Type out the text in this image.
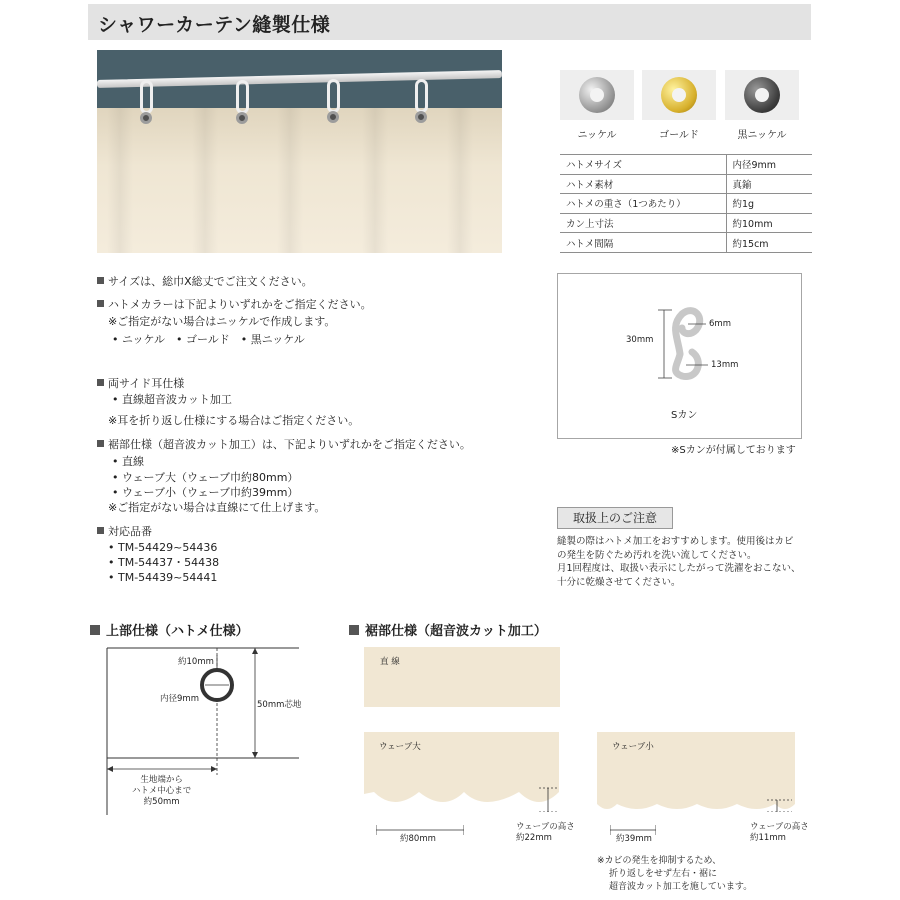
シャワーカーテン縫製仕様
ニッケル	ゴールド	黒ニッケル
ハトメサイズ	内径9mm
ハトメ素材	真鍮
ハトメの重さ（1つあたり）	約1g
カン上寸法	約10mm
ハトメ間隔	約15cm
30mm
6mm
13mm
Sカン
※Sカンが付属しております
サイズは、総巾X総丈でご注文ください。
ハトメカラーは下記よりいずれかをご指定ください。
※ご指定がない場合はニッケルで作成します。
• ニッケル　• ゴールド　• 黒ニッケル
両サイド耳仕様
• 直線超音波カット加工
※耳を折り返し仕様にする場合はご指定ください。
裾部仕様（超音波カット加工）は、下記よりいずれかをご指定ください。
• 直線
• ウェーブ大（ウェーブ巾約80mm）
• ウェーブ小（ウェーブ巾約39mm）
※ご指定がない場合は直線にて仕上げます。
対応品番
• TM-54429~54436
• TM-54437・54438
• TM-54439~54441
取扱上のご注意
縫製の際はハトメ加工をおすすめします。使用後はカビ
の発生を防ぐため汚れを洗い流してください。
月1回程度は、取扱い表示にしたがって洗濯をおこない、
十分に乾燥させてください。
上部仕様（ハトメ仕様）
約10mm
内径9mm
50mm芯地
生地端から
ハトメ中心まで
約50mm
裾部仕様（超音波カット加工）
直 線
ウェーブ大
約80mm
ウェーブの高さ
約22mm
ウェーブ小
約39mm
ウェーブの高さ
約11mm
※カビの発生を抑制するため、
折り返しをせず左右・裾に
超音波カット加工を施しています。
